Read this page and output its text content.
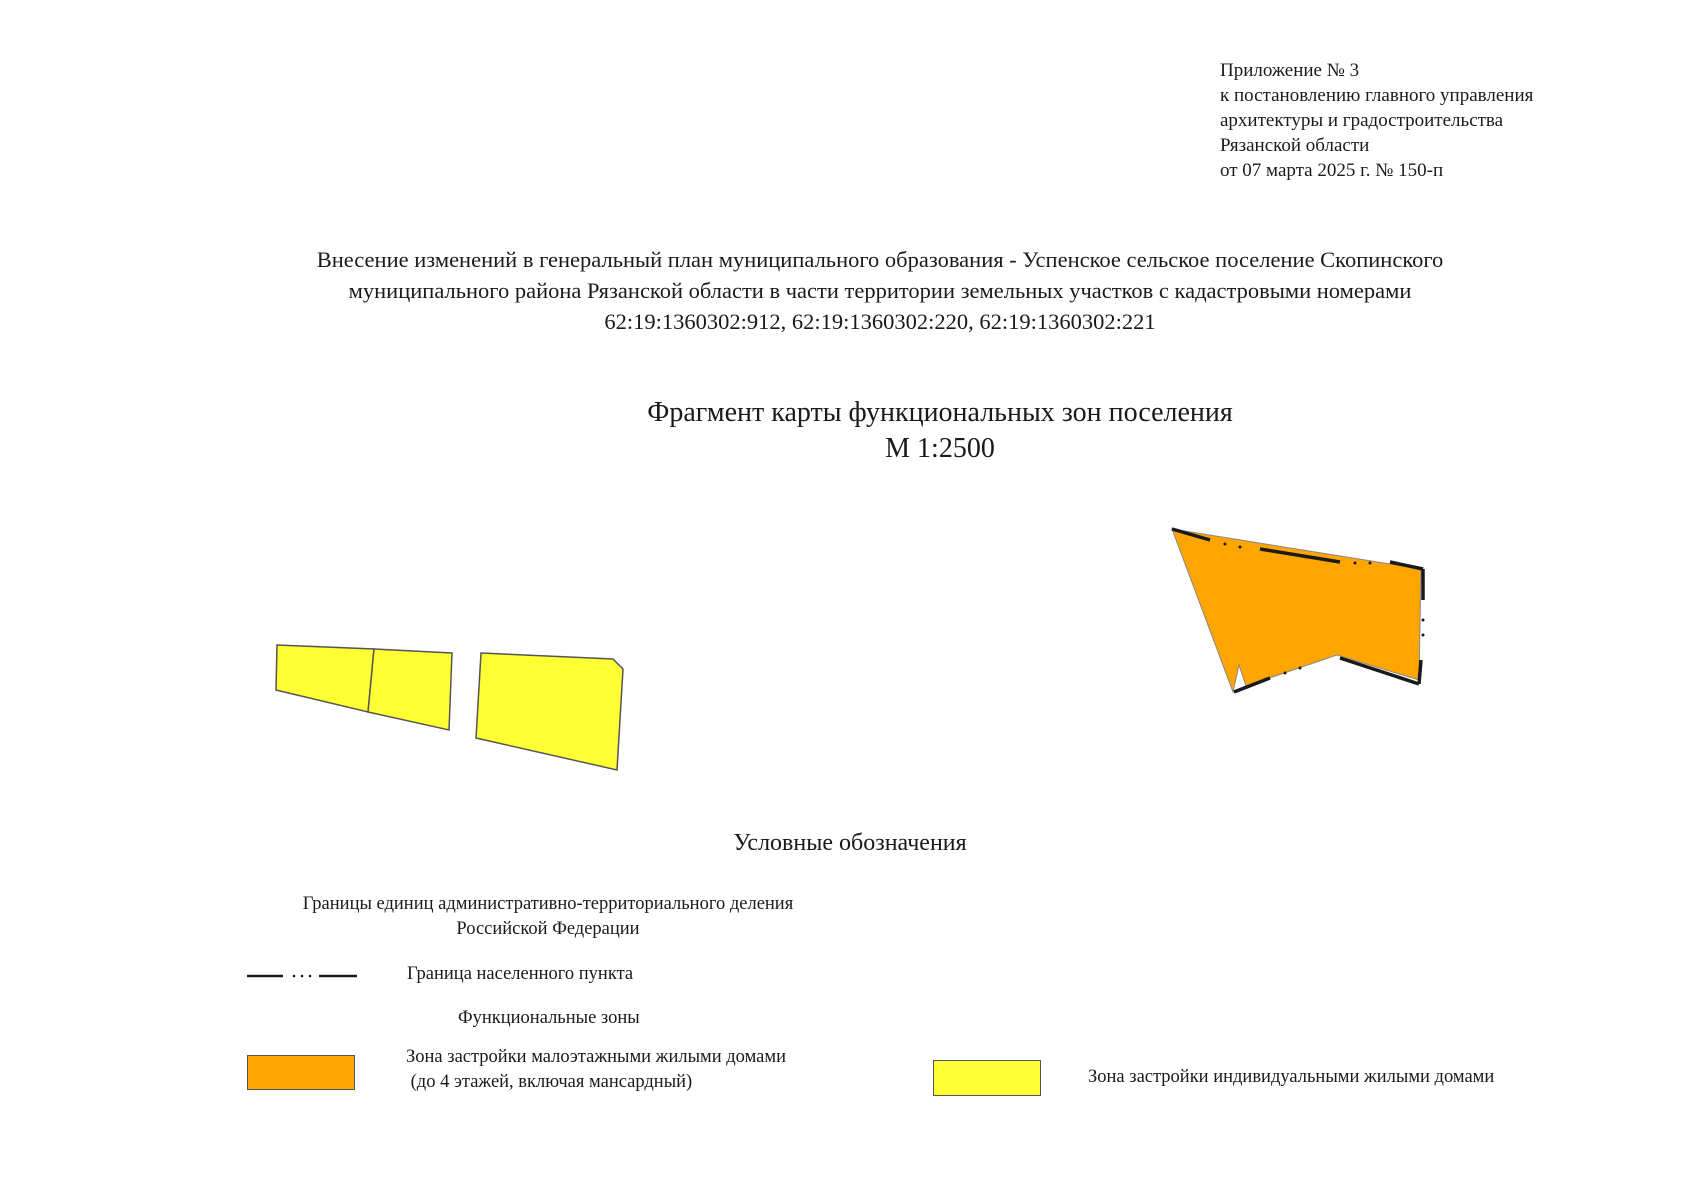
Приложение № 3
к постановлению главного управления
архитектуры и градостроительства
Рязанской области
от 07 марта 2025 г. № 150-п
Внесение изменений в генеральный план муниципального образования - Успенское сельское поселение Скопинского
муниципального района Рязанской области в части территории земельных участков с кадастровыми номерами
62:19:1360302:912, 62:19:1360302:220, 62:19:1360302:221
Фрагмент карты функциональных зон поселения
М 1:2500
Условные обозначения
Границы единиц административно-территориального деления
Российской Федерации
Граница населенного пункта
Функциональные зоны
Зона застройки малоэтажными жилыми домами
(до 4 этажей, включая мансардный)	Зона застройки индивидуальными жилыми домами
